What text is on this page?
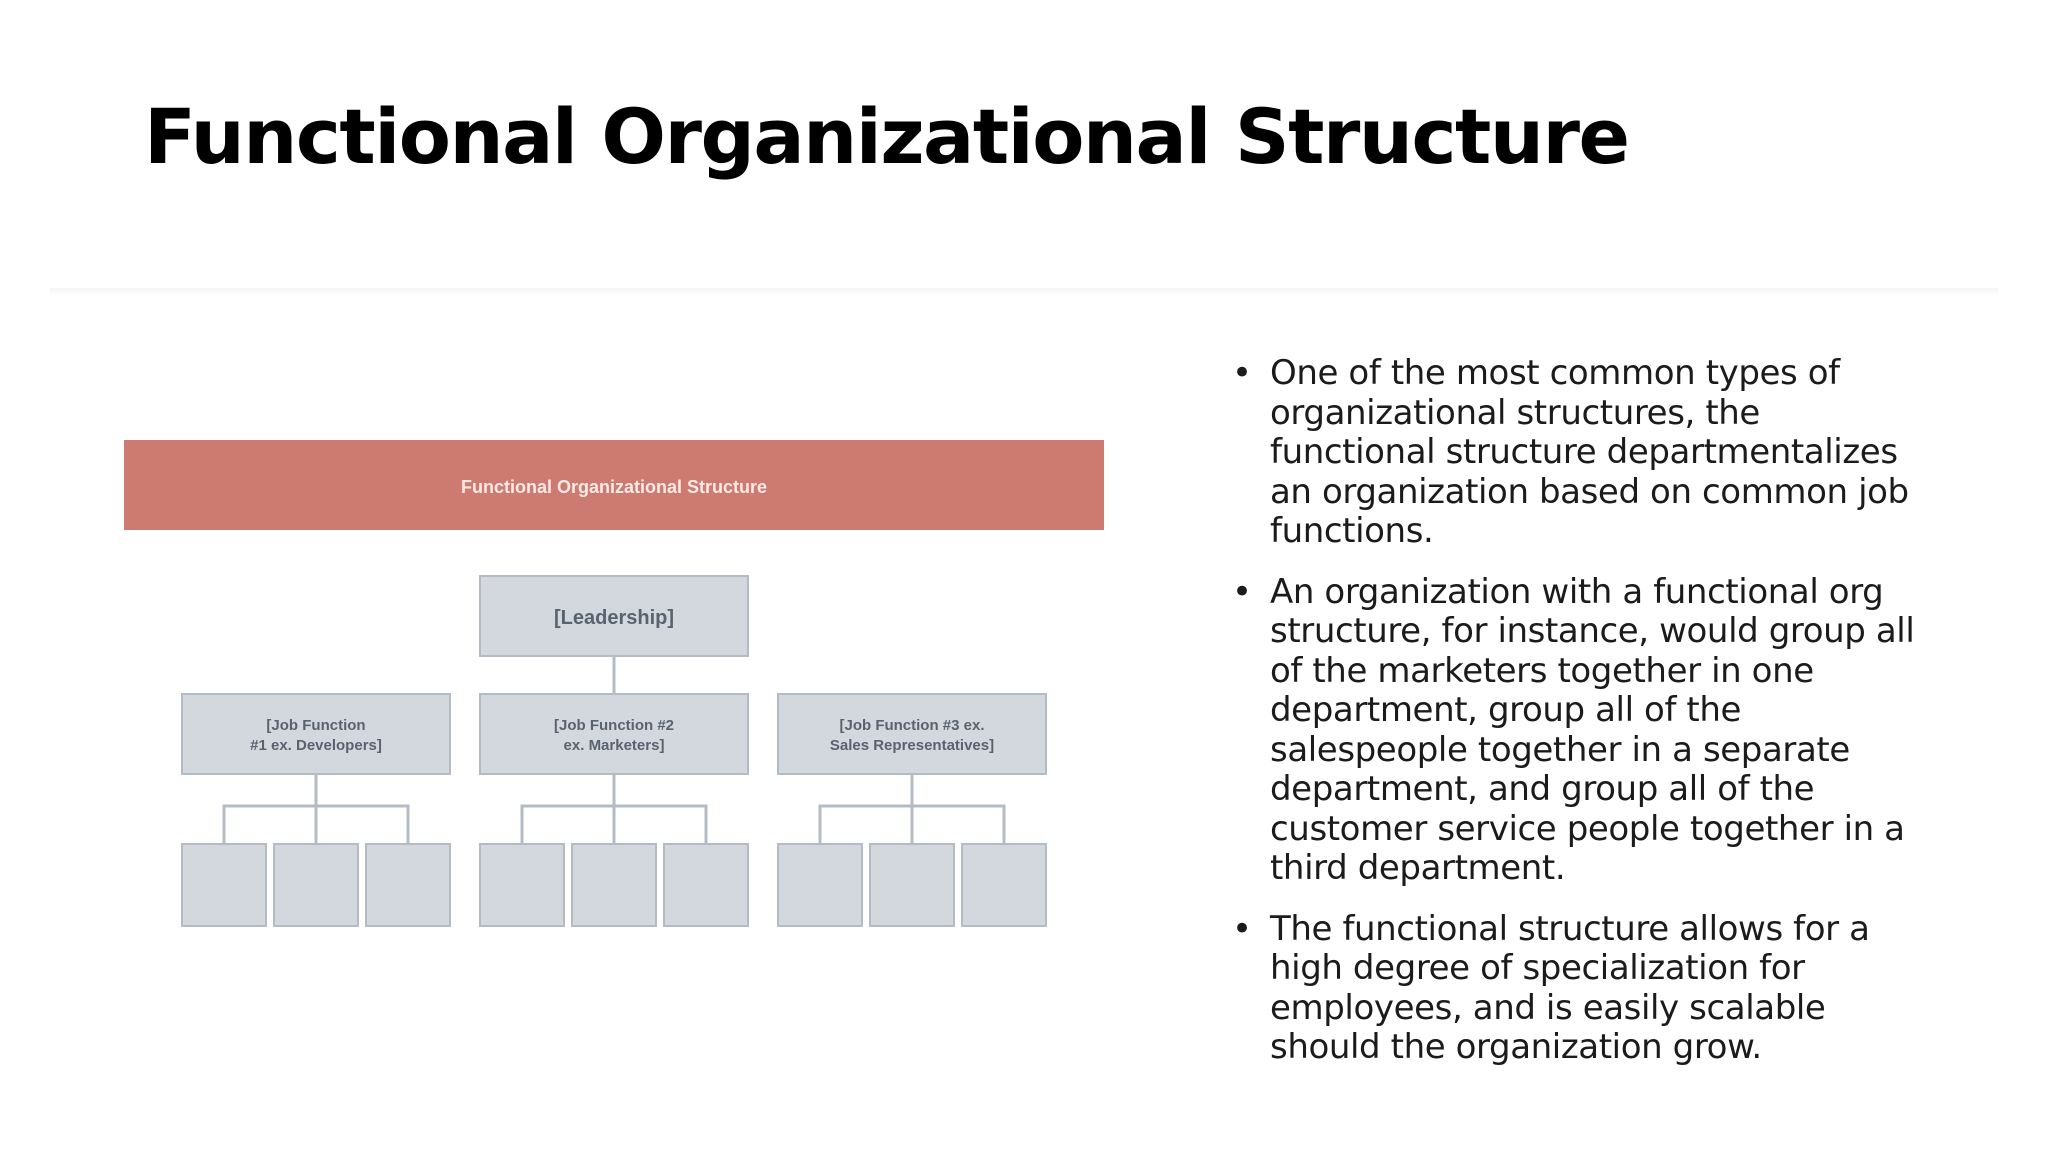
Functional Organizational Structure
Functional Organizational Structure
[Leadership]
[Job Function
#1 ex. Developers]
[Job Function #2
ex. Marketers]
[Job Function #3 ex.
Sales Representatives]
• One of the most common types of organizational structures, the functional structure departmentalizes an organization based on common job functions.
• An organization with a functional org structure, for instance, would group all of the marketers together in one department, group all of the salespeople together in a separate department, and group all of the customer service people together in a third department.
• The functional structure allows for a high degree of specialization for employees, and is easily scalable should the organization grow.
